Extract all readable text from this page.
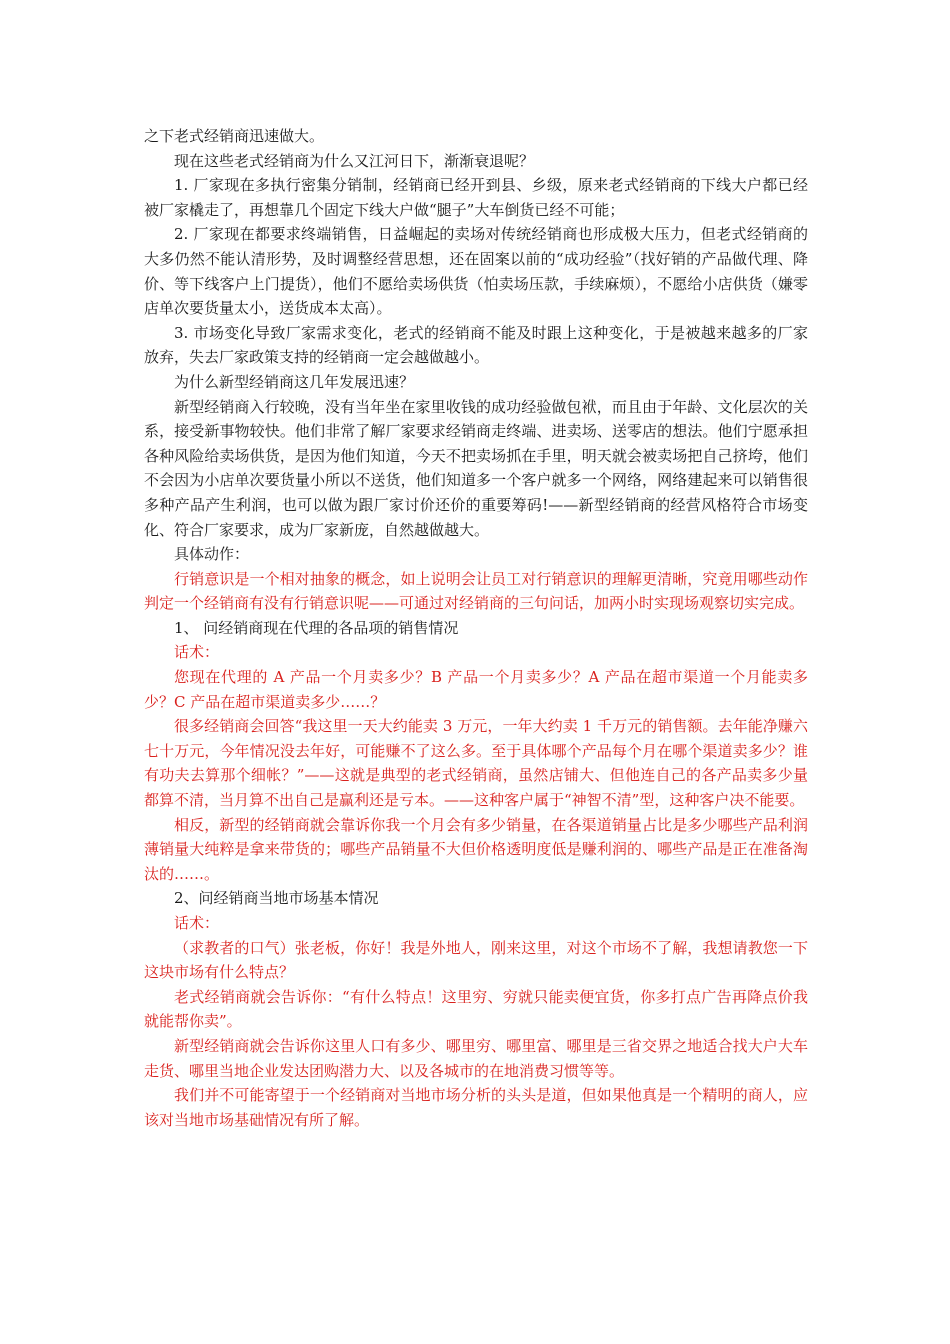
之下老式经销商迅速做大。

现在这些老式经销商为什么又江河日下，渐渐衰退呢？

1. 厂家现在多执行密集分销制，经销商已经开到县、乡级，原来老式经销商的下线大户都已经被厂家橇走了，再想靠几个固定下线大户做“腿子”大车倒货已经不可能；

2. 厂家现在都要求终端销售，日益崛起的卖场对传统经销商也形成极大压力，但老式经销商的大多仍然不能认清形势，及时调整经营思想，还在固案以前的“成功经验”（找好销的产品做代理、降价、等下线客户上门提货），他们不愿给卖场供货（怕卖场压款，手续麻烦），不愿给小店供货（嫌零店单次要货量太小，送货成本太高）。

3. 市场变化导致厂家需求变化，老式的经销商不能及时跟上这种变化，于是被越来越多的厂家放弃，失去厂家政策支持的经销商一定会越做越小。

为什么新型经销商这几年发展迅速？

新型经销商入行较晚，没有当年坐在家里收钱的成功经验做包袱，而且由于年龄、文化层次的关系，接受新事物较快。他们非常了解厂家要求经销商走终端、进卖场、送零店的想法。他们宁愿承担各种风险给卖场供货，是因为他们知道，今天不把卖场抓在手里，明天就会被卖场把自己挤垮，他们不会因为小店单次要货量小所以不送货，他们知道多一个客户就多一个网络，网络建起来可以销售很多种产品产生利润，也可以做为跟厂家讨价还价的重要筹码!——新型经销商的经营风格符合市场变化、符合厂家要求，成为厂家新庞，自然越做越大。

具体动作：

行销意识是一个相对抽象的概念，如上说明会让员工对行销意识的理解更清晰，究竟用哪些动作判定一个经销商有没有行销意识呢——可通过对经销商的三句问话，加两小时实现场观察切实完成。

1、 问经销商现在代理的各品项的销售情况

话术：

您现在代理的 A 产品一个月卖多少？B 产品一个月卖多少？A 产品在超市渠道一个月能卖多少？C 产品在超市渠道卖多少……？

很多经销商会回答“我这里一天大约能卖 3 万元，一年大约卖 1 千万元的销售额。去年能净赚六七十万元，今年情况没去年好，可能赚不了这么多。至于具体哪个产品每个月在哪个渠道卖多少？谁有功夫去算那个细帐？”——这就是典型的老式经销商，虽然店铺大、但他连自己的各产品卖多少量都算不清，当月算不出自己是赢利还是亏本。——这种客户属于“神智不清”型，这种客户决不能要。

相反，新型的经销商就会靠诉你我一个月会有多少销量，在各渠道销量占比是多少哪些产品利润薄销量大纯粹是拿来带货的；哪些产品销量不大但价格透明度低是赚利润的、哪些产品是正在准备淘汰的……。

2、问经销商当地市场基本情况

话术：

（求教者的口气）张老板，你好！我是外地人，刚来这里，对这个市场不了解，我想请教您一下这块市场有什么特点？

老式经销商就会告诉你：“有什么特点！这里穷、穷就只能卖便宜货，你多打点广告再降点价我就能帮你卖”。

新型经销商就会告诉你这里人口有多少、哪里穷、哪里富、哪里是三省交界之地适合找大户大车走货、哪里当地企业发达团购潜力大、以及各城市的在地消费习惯等等。

我们并不可能寄望于一个经销商对当地市场分析的头头是道，但如果他真是一个精明的商人，应该对当地市场基础情况有所了解。
